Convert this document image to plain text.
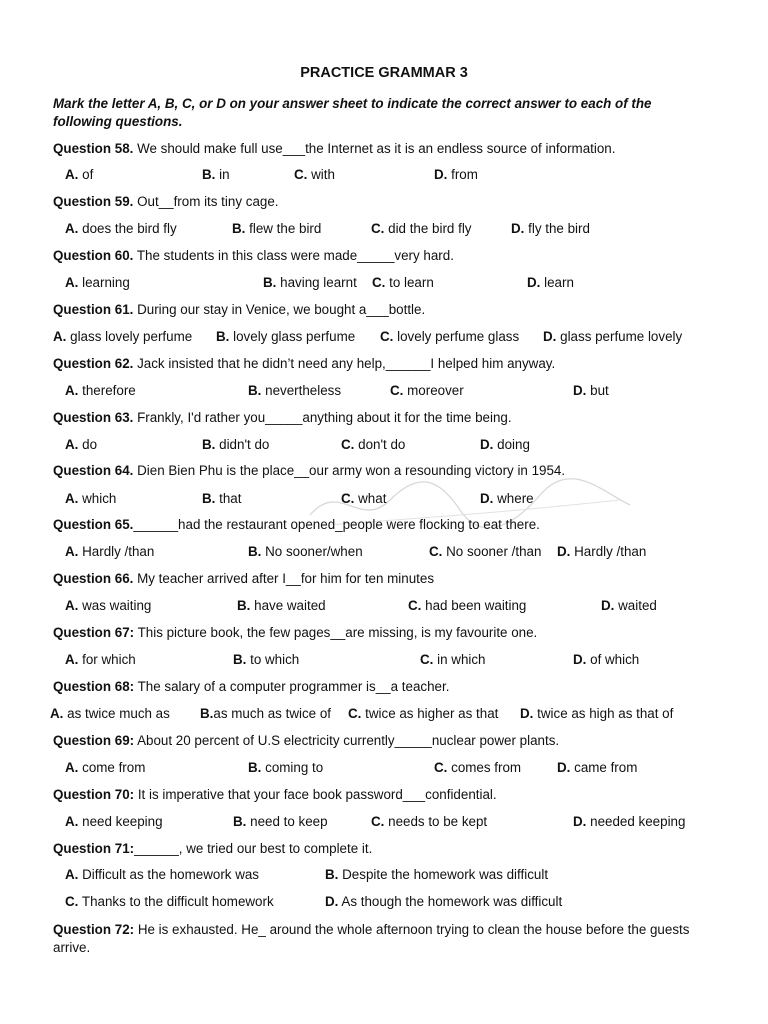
PRACTICE GRAMMAR 3

Mark the letter A, B, C, or D on your answer sheet to indicate the correct answer to each of the following questions.

Question 58. We should make full use___the Internet as it is an endless source of information.
A. of	B. in	C. with	D. from
Question 59. Out__from its tiny cage.
A. does the bird fly	B. flew the bird	C. did the bird fly	D. fly the bird
Question 60. The students in this class were made_____very hard.
A. learning	B. having learnt C. to learn	D. learn
Question 61. During our stay in Venice, we bought a___bottle.
A. glass lovely perfume B. lovely glass perfume C. lovely perfume glass D. glass perfume lovely
Question 62. Jack insisted that he didn’t need any help,______I helped him anyway.
A. therefore	B. nevertheless	C. moreover	D. but
Question 63. Frankly, I'd rather you_____anything about it for the time being.
A. do	B. didn't do	C. don't do	D. doing
Question 64. Dien Bien Phu is the place__our army won a resounding victory in 1954.
A. which	B. that	C. what	D. where
Question 65.______had the restaurant opened_people were flocking to eat there.
A. Hardly /than	B. No sooner/when	C. No sooner /than D. Hardly /than
Question 66. My teacher arrived after I__for him for ten minutes
A. was waiting	B. have waited	C. had been waiting	D. waited
Question 67: This picture book, the few pages__are missing, is my favourite one.
A. for which	B. to which	C. in which	D. of which
Question 68: The salary of a computer programmer is__a teacher.
A. as twice much as B.as much as twice of C. twice as higher as that D. twice as high as that of
Question 69: About 20 percent of U.S electricity currently_____nuclear power plants.
A. come from	B. coming to	C. comes from	D. came from
Question 70: It is imperative that your face book password___confidential.
A. need keeping	B. need to keep	C. needs to be kept	D. needed keeping
Question 71:______, we tried our best to complete it.
A. Difficult as the homework was	B. Despite the homework was difficult
C. Thanks to the difficult homework	D. As though the homework was difficult
Question 72: He is exhausted. He_ around the whole afternoon trying to clean the house before the guests arrive.
